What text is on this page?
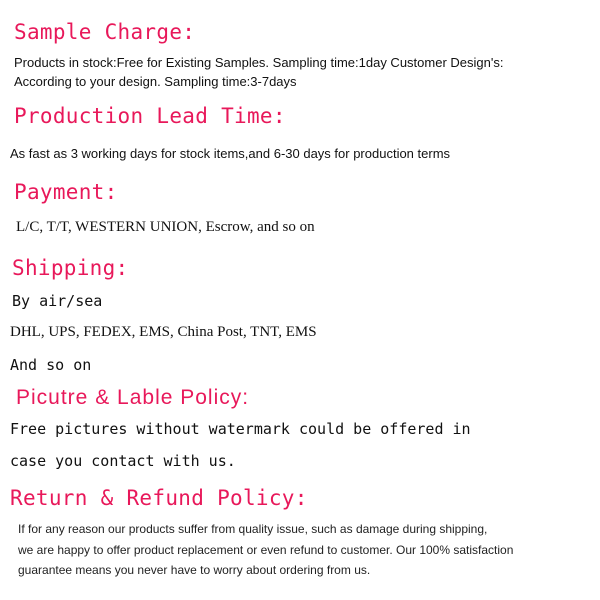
Sample Charge:
Products in stock:Free for Existing Samples. Sampling time:1day Customer Design's:
According to your design. Sampling time:3-7days
Production Lead Time:
As fast as 3 working days for stock items,and 6-30 days for production terms
Payment:
L/C, T/T, WESTERN UNION, Escrow, and so on
Shipping:
By air/sea
DHL, UPS, FEDEX, EMS, China Post, TNT, EMS
And so on
Picutre & Lable Policy:
Free pictures without watermark could be offered in
case you contact with us.
Return & Refund Policy:
If for any reason our products suffer from quality issue, such as damage during shipping,
we are happy to offer product replacement or even refund to customer. Our 100% satisfaction
guarantee means you never have to worry about ordering from us.
